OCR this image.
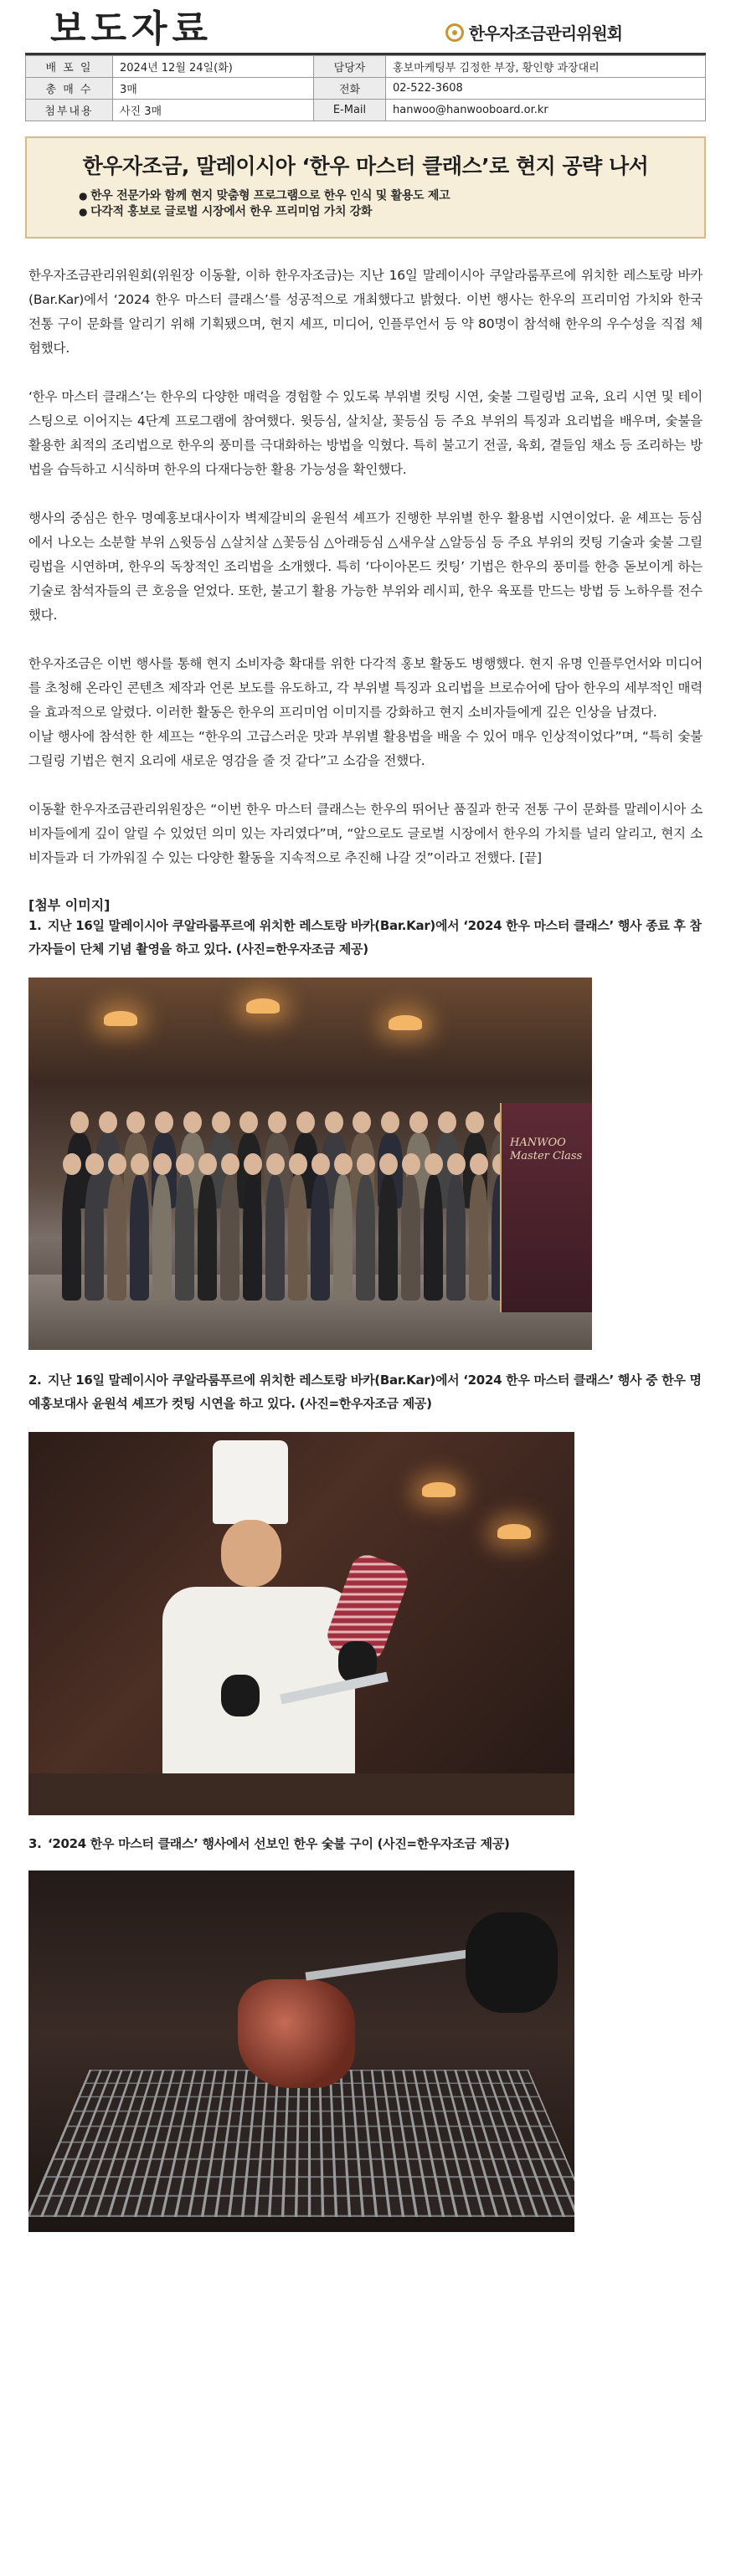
보도자료	한우자조금관리위원회
배 포 일	2024년 12월 24일(화)	담당자	홍보마케팅부 김정한 부장, 황인향 과장대리
총 매 수	3매	전화	02-522-3608
첨부내용	사진 3매	E-Mail	hanwoo@hanwooboard.or.kr
한우자조금, 말레이시아 ‘한우 마스터 클래스’로 현지 공략 나서
● 한우 전문가와 함께 현지 맞춤형 프로그램으로 한우 인식 및 활용도 제고
● 다각적 홍보로 글로벌 시장에서 한우 프리미엄 가치 강화

한우자조금관리위원회(위원장 이동활, 이하 한우자조금)는 지난 16일 말레이시아 쿠알라룸푸르에 위치한 레스토랑 바카(Bar.Kar)에서 ‘2024 한우 마스터 클래스’를 성공적으로 개최했다고 밝혔다. 이번 행사는 한우의 프리미엄 가치와 한국 전통 구이 문화를 알리기 위해 기획됐으며, 현지 셰프, 미디어, 인플루언서 등 약 80명이 참석해 한우의 우수성을 직접 체험했다.

‘한우 마스터 클래스’는 한우의 다양한 매력을 경험할 수 있도록 부위별 컷팅 시연, 숯불 그릴링법 교육, 요리 시연 및 테이스팅으로 이어지는 4단계 프로그램에 참여했다. 윗등심, 살치살, 꽃등심 등 주요 부위의 특징과 요리법을 배우며, 숯불을 활용한 최적의 조리법으로 한우의 풍미를 극대화하는 방법을 익혔다. 특히 불고기 전골, 육회, 곁들임 채소 등 조리하는 방법을 습득하고 시식하며 한우의 다재다능한 활용 가능성을 확인했다.

행사의 중심은 한우 명예홍보대사이자 벽제갈비의 윤원석 셰프가 진행한 부위별 한우 활용법 시연이었다. 윤 셰프는 등심에서 나오는 소분할 부위 △윗등심 △살치살 △꽃등심 △아래등심 △새우살 △알등심 등 주요 부위의 컷팅 기술과 숯불 그릴링법을 시연하며, 한우의 독창적인 조리법을 소개했다. 특히 ‘다이아몬드 컷팅’ 기법은 한우의 풍미를 한층 돋보이게 하는 기술로 참석자들의 큰 호응을 얻었다. 또한, 불고기 활용 가능한 부위와 레시피, 한우 육포를 만드는 방법 등 노하우를 전수했다.

한우자조금은 이번 행사를 통해 현지 소비자층 확대를 위한 다각적 홍보 활동도 병행했다. 현지 유명 인플루언서와 미디어를 초청해 온라인 콘텐츠 제작과 언론 보도를 유도하고, 각 부위별 특징과 요리법을 브로슈어에 담아 한우의 세부적인 매력을 효과적으로 알렸다. 이러한 활동은 한우의 프리미엄 이미지를 강화하고 현지 소비자들에게 깊은 인상을 남겼다.

이날 행사에 참석한 한 셰프는 “한우의 고급스러운 맛과 부위별 활용법을 배울 수 있어 매우 인상적이었다”며, “특히 숯불 그릴링 기법은 현지 요리에 새로운 영감을 줄 것 같다”고 소감을 전했다.

이동활 한우자조금관리위원장은 “이번 한우 마스터 클래스는 한우의 뛰어난 품질과 한국 전통 구이 문화를 말레이시아 소비자들에게 깊이 알릴 수 있었던 의미 있는 자리였다”며, “앞으로도 글로벌 시장에서 한우의 가치를 널리 알리고, 현지 소비자들과 더 가까워질 수 있는 다양한 활동을 지속적으로 추진해 나갈 것”이라고 전했다. [끝]

[첨부 이미지]
1. 지난 16일 말레이시아 쿠알라룸푸르에 위치한 레스토랑 바카(Bar.Kar)에서 ‘2024 한우 마스터 클래스’ 행사 종료 후 참가자들이 단체 기념 촬영을 하고 있다. (사진=한우자조금 제공)
HANWOO Master Class
2. 지난 16일 말레이시아 쿠알라룸푸르에 위치한 레스토랑 바카(Bar.Kar)에서 ‘2024 한우 마스터 클래스’ 행사 중 한우 명예홍보대사 윤원석 셰프가 컷팅 시연을 하고 있다. (사진=한우자조금 제공)
3. ‘2024 한우 마스터 클래스’ 행사에서 선보인 한우 숯불 구이 (사진=한우자조금 제공)
